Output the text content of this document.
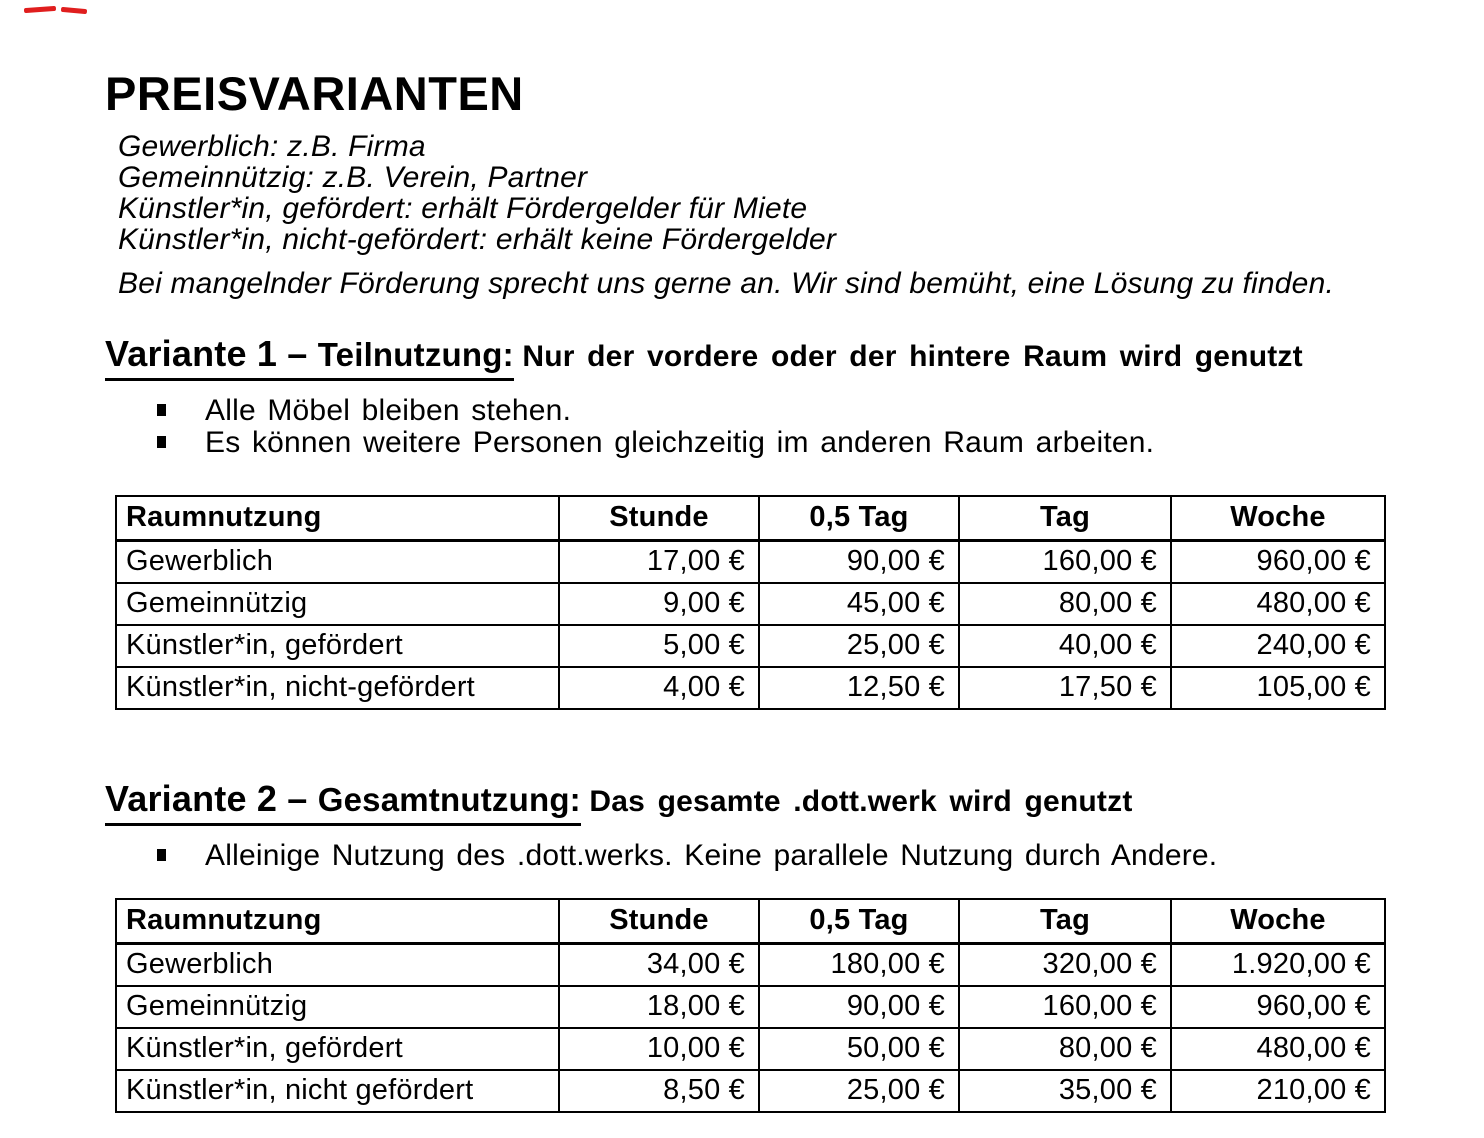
PREISVARIANTEN
Gewerblich: z.B. Firma
Gemeinnützig: z.B. Verein, Partner
Künstler*in, gefördert: erhält Fördergelder für Miete
Künstler*in, nicht-gefördert: erhält keine Fördergelder
Bei mangelnder Förderung sprecht uns gerne an. Wir sind bemüht, eine Lösung zu finden.
Variante 1 – Teilnutzung: Nur der vordere oder der hintere Raum wird genutzt
Alle Möbel bleiben stehen.
Es können weitere Personen gleichzeitig im anderen Raum arbeiten.
Raumnutzung	Stunde	0,5 Tag	Tag	Woche
Gewerblich	17,00 €	90,00 €	160,00 €	960,00 €
Gemeinnützig	9,00 €	45,00 €	80,00 €	480,00 €
Künstler*in, gefördert	5,00 €	25,00 €	40,00 €	240,00 €
Künstler*in, nicht-gefördert	4,00 €	12,50 €	17,50 €	105,00 €
Variante 2 – Gesamtnutzung: Das gesamte .dott.werk wird genutzt
Alleinige Nutzung des .dott.werks. Keine parallele Nutzung durch Andere.
Raumnutzung	Stunde	0,5 Tag	Tag	Woche
Gewerblich	34,00 €	180,00 €	320,00 €	1.920,00 €
Gemeinnützig	18,00 €	90,00 €	160,00 €	960,00 €
Künstler*in, gefördert	10,00 €	50,00 €	80,00 €	480,00 €
Künstler*in, nicht gefördert	8,50 €	25,00 €	35,00 €	210,00 €
